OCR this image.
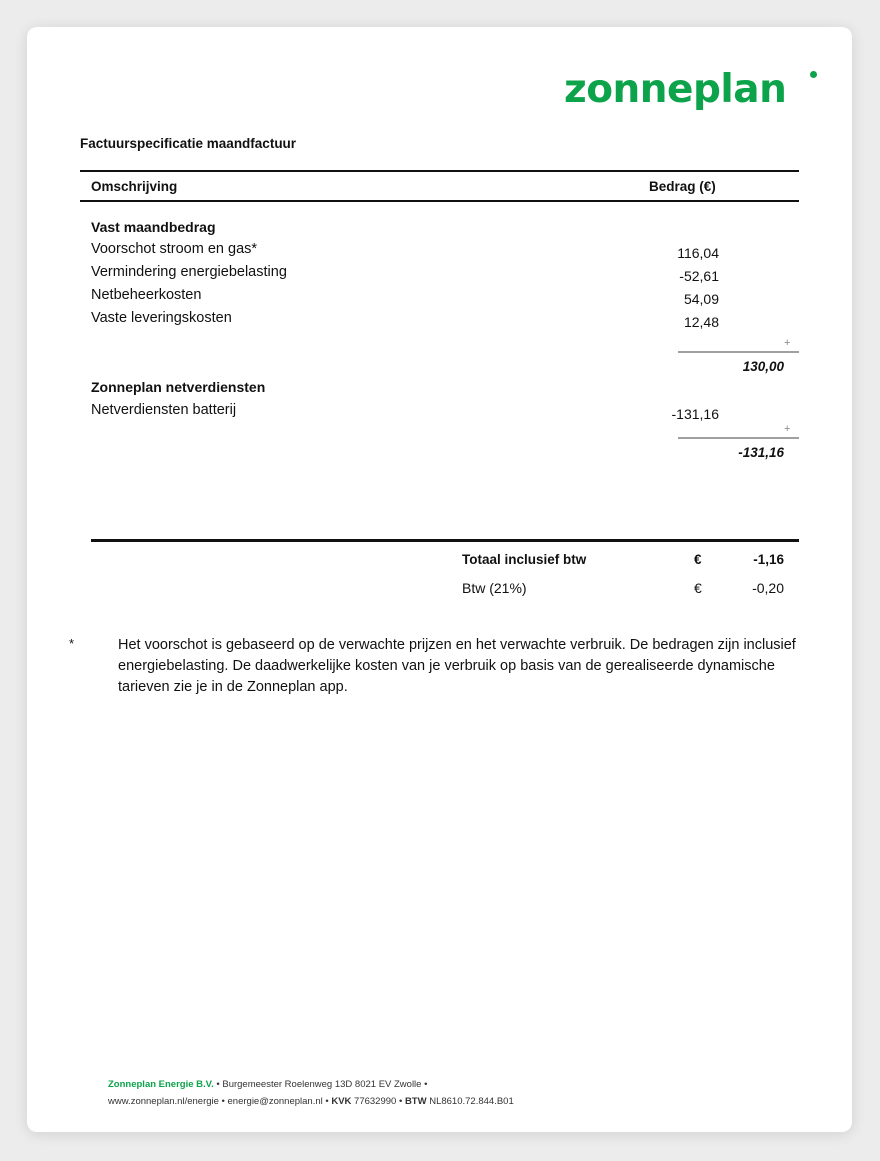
zonneplan
Factuurspecificatie maandfactuur
Omschrijving	Bedrag (€)
Vast maandbedrag
Voorschot stroom en gas*	116,04
Vermindering energiebelasting	-52,61
Netbeheerkosten	54,09
Vaste leveringskosten	12,48
+
130,00
Zonneplan netverdiensten
Netverdiensten batterij	-131,16
+
-131,16
Totaal inclusief btw	€	-1,16
Btw (21%)	€	-0,20
*	Het voorschot is gebaseerd op de verwachte prijzen en het verwachte verbruik. De bedragen zijn inclusief energiebelasting. De daadwerkelijke kosten van je verbruik op basis van de gerealiseerde dynamische tarieven zie je in de Zonneplan app.
Zonneplan Energie B.V. • Burgemeester Roelenweg 13D 8021 EV Zwolle •
www.zonneplan.nl/energie • energie@zonneplan.nl • KVK 77632990 • BTW NL8610.72.844.B01
